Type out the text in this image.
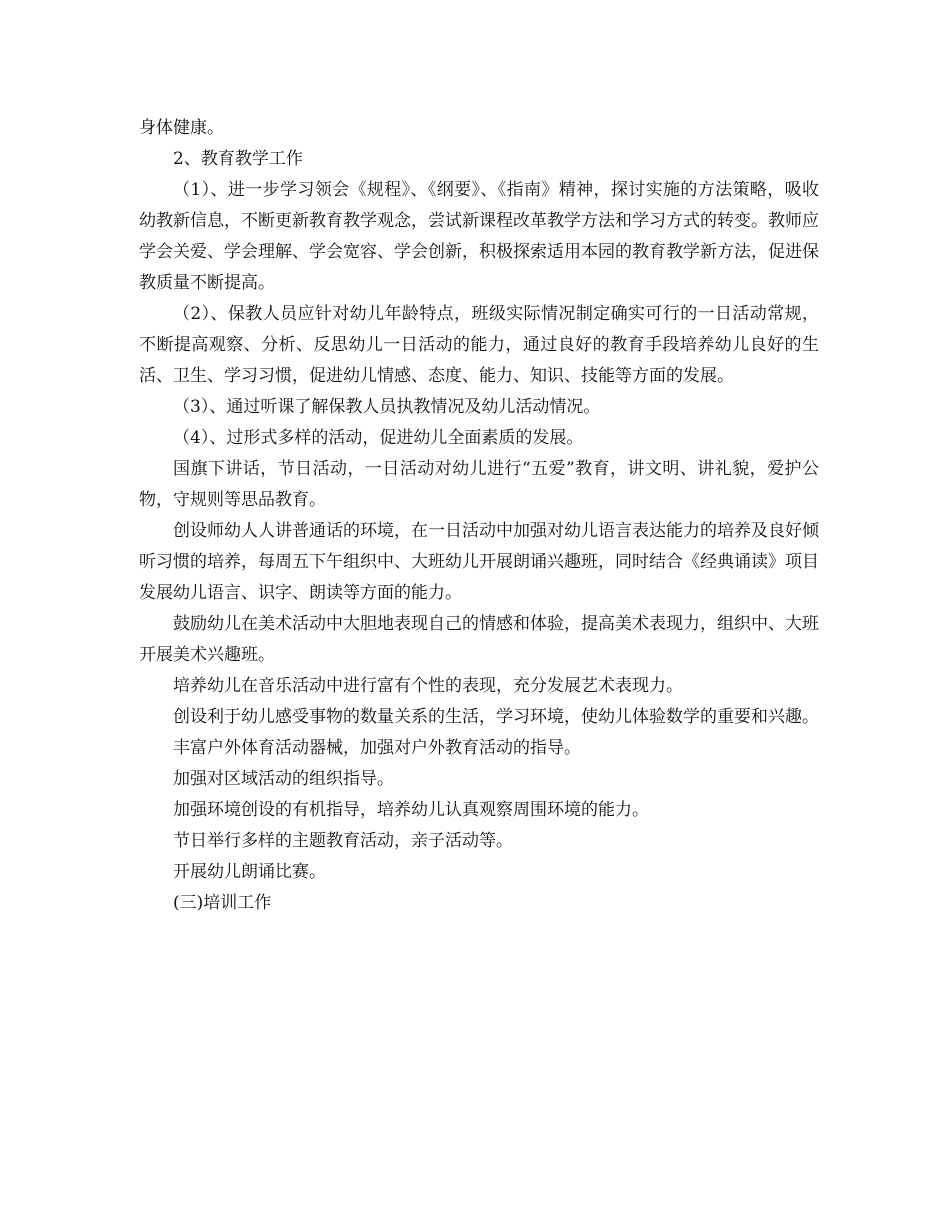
身体健康。

2、教育教学工作

（1）、进一步学习领会《规程》、《纲要》、《指南》精神，探讨实施的方法策略，吸收幼教新信息，不断更新教育教学观念，尝试新课程改革教学方法和学习方式的转变。教师应学会关爱、学会理解、学会宽容、学会创新，积极探索适用本园的教育教学新方法，促进保教质量不断提高。

（2）、保教人员应针对幼儿年龄特点，班级实际情况制定确实可行的一日活动常规，不断提高观察、分析、反思幼儿一日活动的能力，通过良好的教育手段培养幼儿良好的生活、卫生、学习习惯，促进幼儿情感、态度、能力、知识、技能等方面的发展。

（3）、通过听课了解保教人员执教情况及幼儿活动情况。

（4）、过形式多样的活动，促进幼儿全面素质的发展。

国旗下讲话，节日活动，一日活动对幼儿进行“五爱”教育，讲文明、讲礼貌，爱护公物，守规则等思品教育。

创设师幼人人讲普通话的环境，在一日活动中加强对幼儿语言表达能力的培养及良好倾听习惯的培养，每周五下午组织中、大班幼儿开展朗诵兴趣班，同时结合《经典诵读》项目发展幼儿语言、识字、朗读等方面的能力。

鼓励幼儿在美术活动中大胆地表现自己的情感和体验，提高美术表现力，组织中、大班开展美术兴趣班。

培养幼儿在音乐活动中进行富有个性的表现，充分发展艺术表现力。

创设利于幼儿感受事物的数量关系的生活，学习环境，使幼儿体验数学的重要和兴趣。

丰富户外体育活动器械，加强对户外教育活动的指导。

加强对区域活动的组织指导。

加强环境创设的有机指导，培养幼儿认真观察周围环境的能力。

节日举行多样的主题教育活动，亲子活动等。

开展幼儿朗诵比赛。

(三)培训工作
